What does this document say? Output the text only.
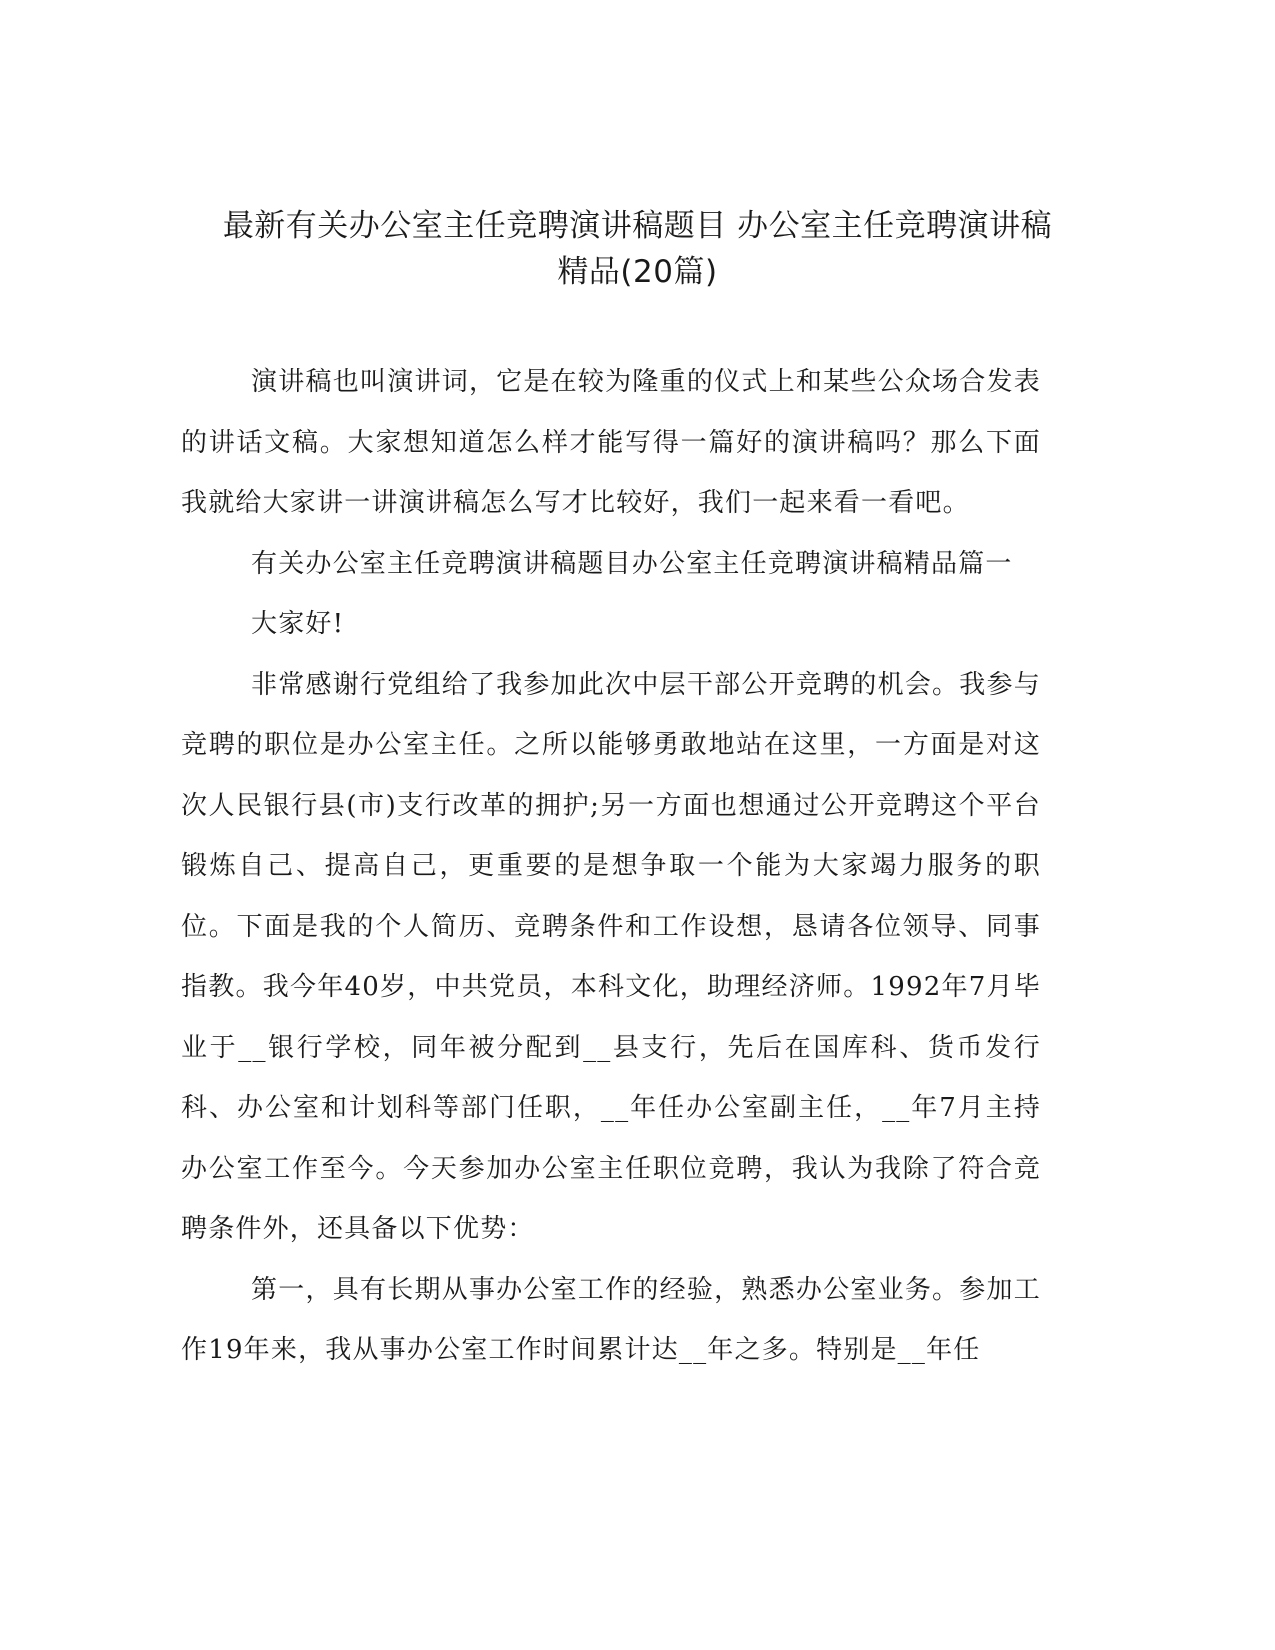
最新有关办公室主任竞聘演讲稿题目 办公室主任竞聘演讲稿
精品(20篇)

演讲稿也叫演讲词，它是在较为隆重的仪式上和某些公众场合发表的讲话文稿。大家想知道怎么样才能写得一篇好的演讲稿吗？那么下面我就给大家讲一讲演讲稿怎么写才比较好，我们一起来看一看吧。

有关办公室主任竞聘演讲稿题目办公室主任竞聘演讲稿精品篇一

大家好!

非常感谢行党组给了我参加此次中层干部公开竞聘的机会。我参与竞聘的职位是办公室主任。之所以能够勇敢地站在这里，一方面是对这次人民银行县(市)支行改革的拥护;另一方面也想通过公开竞聘这个平台锻炼自己、提高自己，更重要的是想争取一个能为大家竭力服务的职位。下面是我的个人简历、竞聘条件和工作设想，恳请各位领导、同事指教。我今年40岁，中共党员，本科文化，助理经济师。1992年7月毕业于__银行学校，同年被分配到__县支行，先后在国库科、货币发行科、办公室和计划科等部门任职，__年任办公室副主任，__年7月主持办公室工作至今。今天参加办公室主任职位竞聘，我认为我除了符合竞聘条件外，还具备以下优势：

第一，具有长期从事办公室工作的经验，熟悉办公室业务。参加工作19年来，我从事办公室工作时间累计达__年之多。特别是__年任
